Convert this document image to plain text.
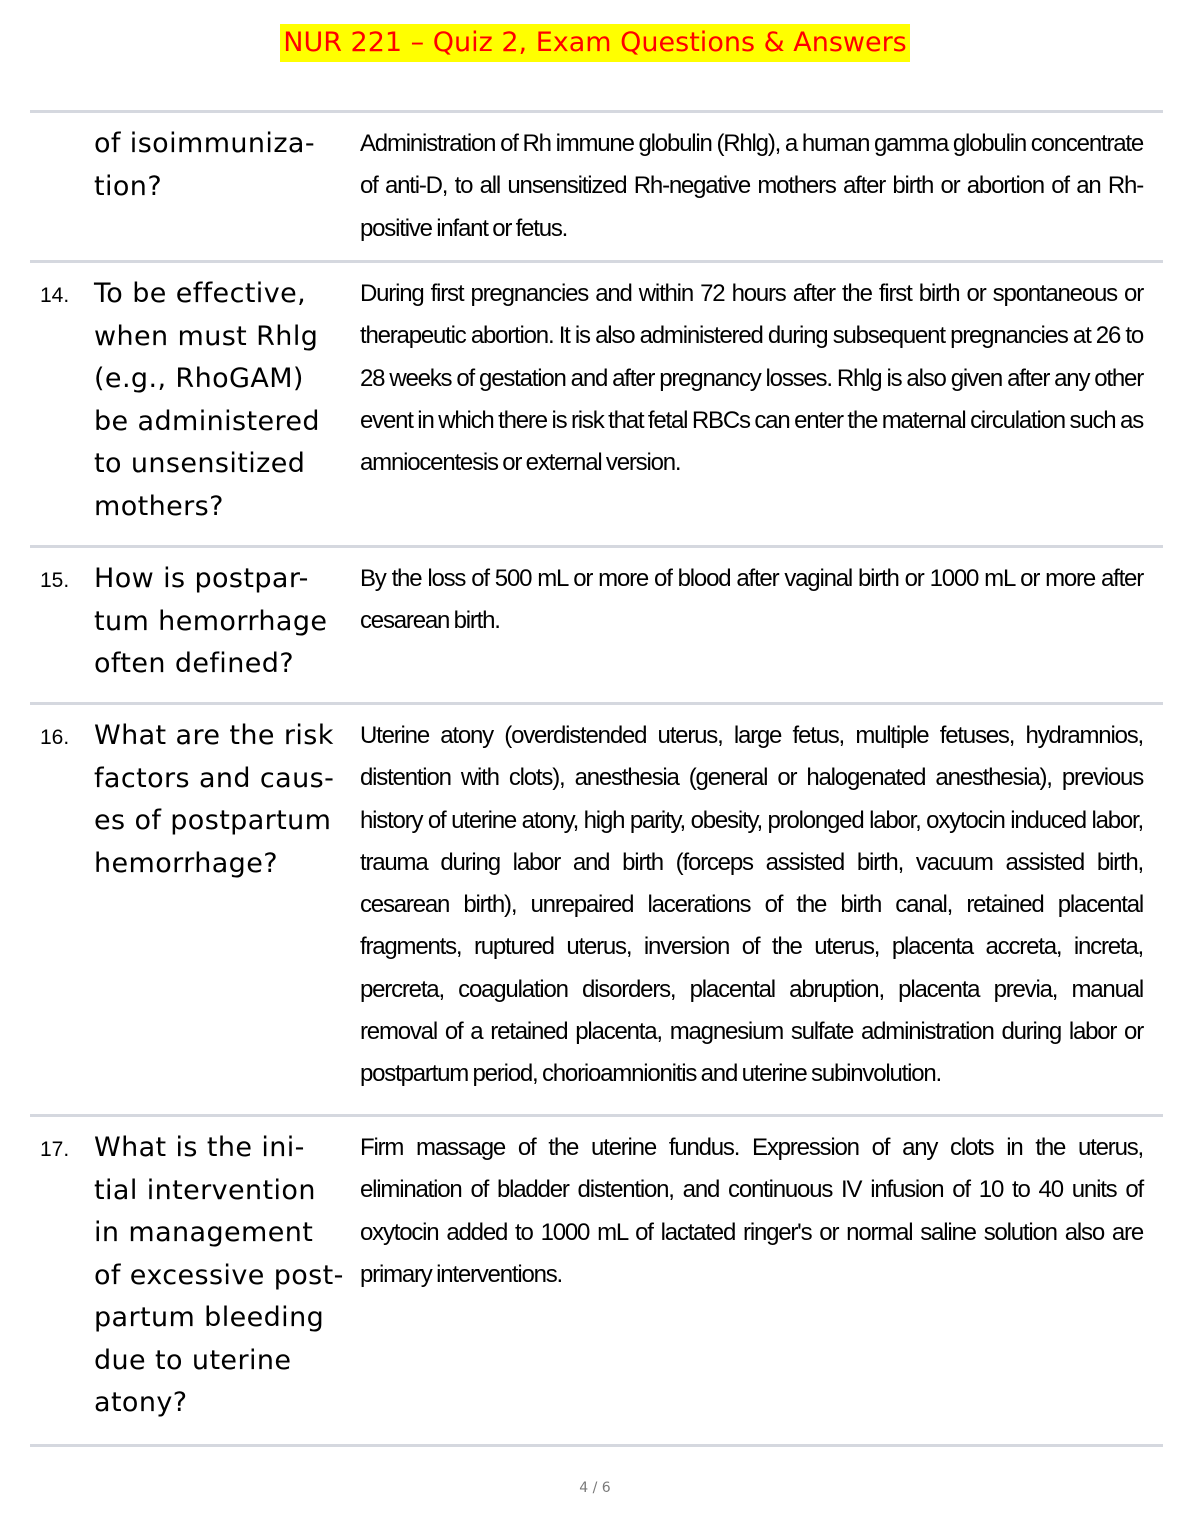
NUR 221 – Quiz 2, Exam Questions & Answers
of isoimmuniza-
tion?
Administration of Rh immune globulin (Rhlg), a human gamma globulin concentrate of anti-D, to all unsensitized Rh-negative mothers after birth or abortion of an Rh-positive infant or fetus.
14. To be effective,
when must Rhlg
(e.g., RhoGAM)
be administered
to unsensitized
mothers?
During first pregnancies and within 72 hours after the first birth or spontaneous or therapeutic abortion. It is also administered during subsequent pregnancies at 26 to 28 weeks of gestation and after pregnancy losses. Rhlg is also given after any other event in which there is risk that fetal RBCs can enter the maternal circulation such as amniocentesis or external version.
15. How is postpar-
tum hemorrhage
often defined?
By the loss of 500 mL or more of blood after vaginal birth or 1000 mL or more after cesarean birth.
16. What are the risk
factors and caus-
es of postpartum
hemorrhage?
Uterine atony (overdistended uterus, large fetus, multiple fetuses, hydramnios, distention with clots), anesthesia (general or halogenated anesthesia), previous history of uterine atony, high parity, obesity, prolonged labor, oxytocin induced labor, trauma during labor and birth (forceps assisted birth, vacuum assisted birth, cesarean birth), unrepaired lacerations of the birth canal, retained placental fragments, ruptured uterus, inversion of the uterus, placenta accreta, increta, percreta, coagulation disorders, placental abruption, placenta previa, manual removal of a retained placenta, magnesium sulfate administration during labor or postpartum period, chorioamnionitis and uterine subinvolution.
17. What is the ini-
tial intervention
in management
of excessive post-
partum bleeding
due to uterine
atony?
Firm massage of the uterine fundus. Expression of any clots in the uterus, elimination of bladder distention, and continuous IV infusion of 10 to 40 units of oxytocin added to 1000 mL of lactated ringer's or normal saline solution also are primary interventions.
4 / 6
